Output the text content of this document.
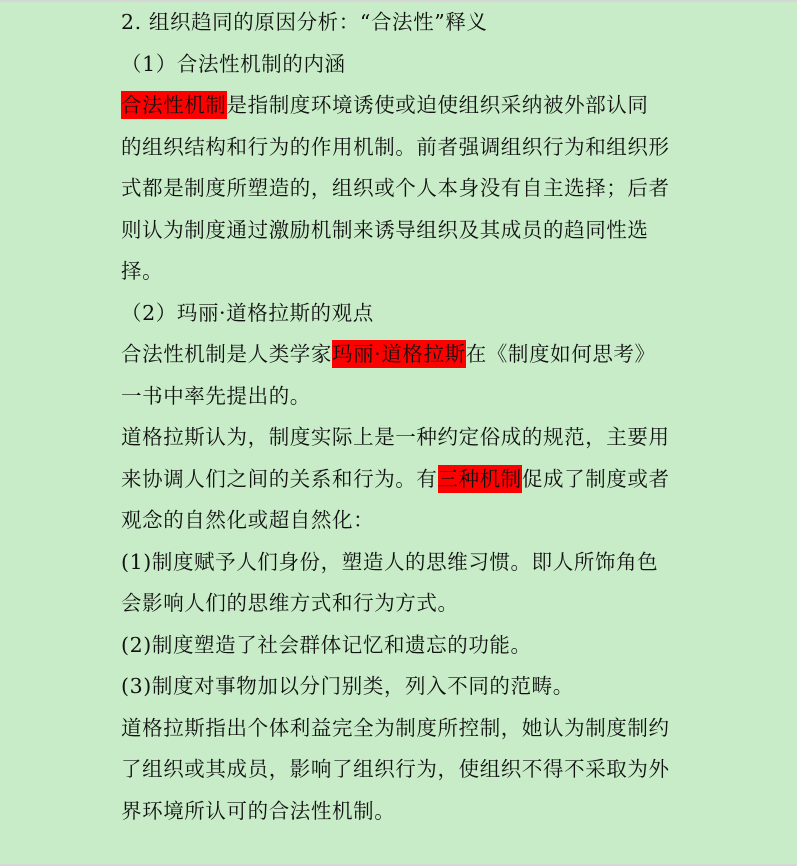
2. 组织趋同的原因分析：“合法性”释义
（1）合法性机制的内涵
合法性机制是指制度环境诱使或迫使组织采纳被外部认同
的组织结构和行为的作用机制。前者强调组织行为和组织形
式都是制度所塑造的，组织或个人本身没有自主选择；后者
则认为制度通过激励机制来诱导组织及其成员的趋同性选
择。
（2）玛丽·道格拉斯的观点
合法性机制是人类学家玛丽·道格拉斯在《制度如何思考》
一书中率先提出的。
道格拉斯认为，制度实际上是一种约定俗成的规范，主要用
来协调人们之间的关系和行为。有三种机制促成了制度或者
观念的自然化或超自然化：
(1)制度赋予人们身份，塑造人的思维习惯。即人所饰角色
会影响人们的思维方式和行为方式。
(2)制度塑造了社会群体记忆和遗忘的功能。
(3)制度对事物加以分门别类，列入不同的范畴。
道格拉斯指出个体利益完全为制度所控制，她认为制度制约
了组织或其成员，影响了组织行为，使组织不得不采取为外
界环境所认可的合法性机制。
